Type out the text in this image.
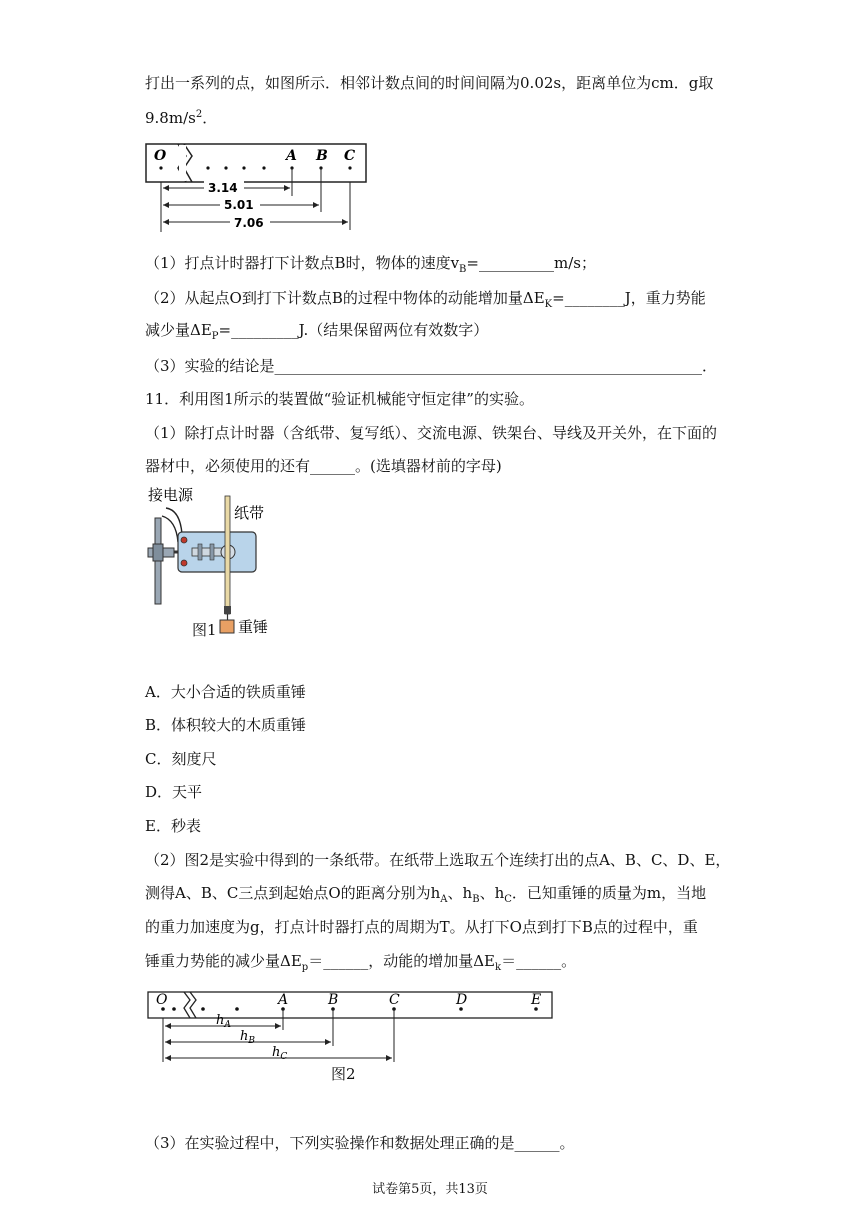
打出一系列的点，如图所示．相邻计数点间的时间间隔为0.02s，距离单位为cm．g取
$9.8m/s^2$．
O	A B C
3.14
5.01
7.06
（1）打点计时器打下计数点B时，物体的速度$v_B=\_\_\_\_\_\_\_\_\_\_m/s$；
（2）从起点O到打下计数点B的过程中物体的动能增加量$\Delta E_K=\_\_\_\_\_\_\_\_J$，重力势能
减少量$\Delta E_P=\_\_\_\_\_\_\_\_\_J$.（结果保留两位有效数字）
（3）实验的结论是_________________________________________________________．
11．利用图1所示的装置做“验证机械能守恒定律”的实验。
（1）除打点计时器（含纸带、复写纸）、交流电源、铁架台、导线及开关外，在下面的
器材中，必须使用的还有______。(选填器材前的字母)
接电源
纸带
重锤
图1
A．大小合适的铁质重锤
B．体积较大的木质重锤
C．刻度尺
D．天平
E．秒表
（2）图2是实验中得到的一条纸带。在纸带上选取五个连续打出的点A、B、C、D、E，
测得A、B、C三点到起始点O的距离分别为$h_A$、$h_B$、$h_C$．已知重锤的质量为m，当地
的重力加速度为g，打点计时器打点的周期为T。从打下O点到打下B点的过程中，重
锤重力势能的减少量$\Delta E_p=\_\_\_\_\_\_$，动能的增加量$\Delta E_k=\_\_\_\_\_\_$。
O	A	B	C	D	E
$h_A$
$h_B$
$h_C$
图2
（3）在实验过程中，下列实验操作和数据处理正确的是______。
试卷第5页，共13页
